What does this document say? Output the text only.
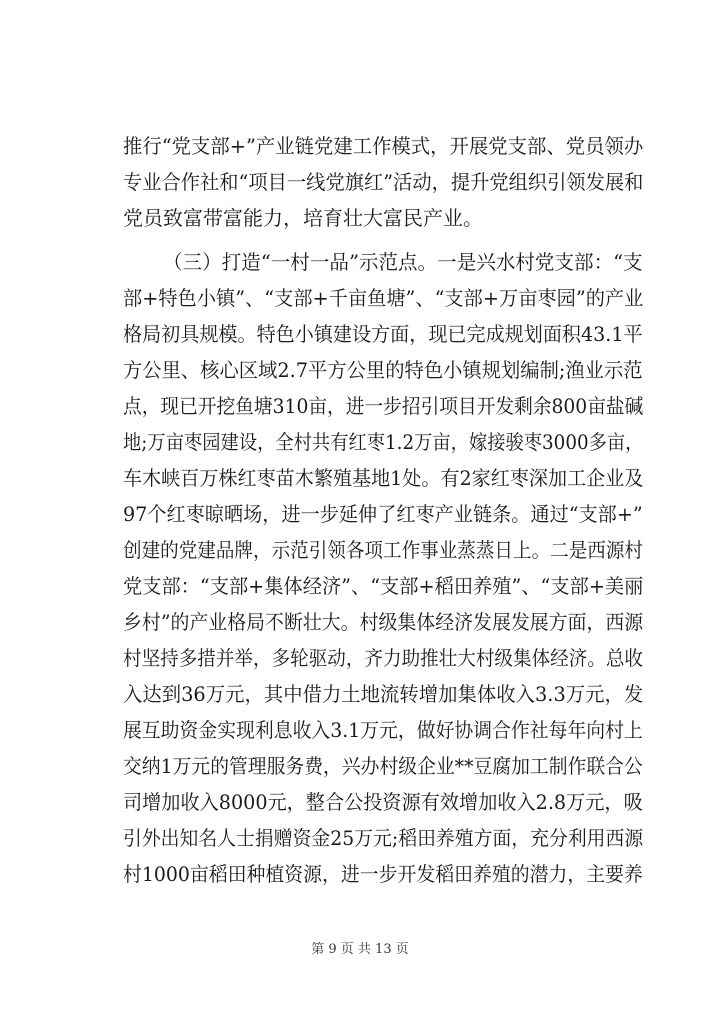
推行“党支部+”产业链党建工作模式，开展党支部、党员领办
专业合作社和“项目一线党旗红”活动，提升党组织引领发展和
党员致富带富能力，培育壮大富民产业。
（三）打造“一村一品”示范点。一是兴水村党支部：“支
部+特色小镇”、“支部+千亩鱼塘”、“支部+万亩枣园”的产业
格局初具规模。特色小镇建设方面，现已完成规划面积43.1平
方公里、核心区域2.7平方公里的特色小镇规划编制;渔业示范
点，现已开挖鱼塘310亩，进一步招引项目开发剩余800亩盐碱
地;万亩枣园建设，全村共有红枣1.2万亩，嫁接骏枣3000多亩，
车木峡百万株红枣苗木繁殖基地1处。有2家红枣深加工企业及
97个红枣晾晒场，进一步延伸了红枣产业链条。通过“支部+”
创建的党建品牌，示范引领各项工作事业蒸蒸日上。二是西源村
党支部：“支部+集体经济”、“支部+稻田养殖”、“支部+美丽
乡村”的产业格局不断壮大。村级集体经济发展发展方面，西源
村坚持多措并举，多轮驱动，齐力助推壮大村级集体经济。总收
入达到36万元，其中借力土地流转增加集体收入3.3万元，发
展互助资金实现利息收入3.1万元，做好协调合作社每年向村上
交纳1万元的管理服务费，兴办村级企业**豆腐加工制作联合公
司增加收入8000元，整合公投资源有效增加收入2.8万元，吸
引外出知名人士捐赠资金25万元;稻田养殖方面，充分利用西源
村1000亩稻田种植资源，进一步开发稻田养殖的潜力，主要养
第 9 页 共 13 页
